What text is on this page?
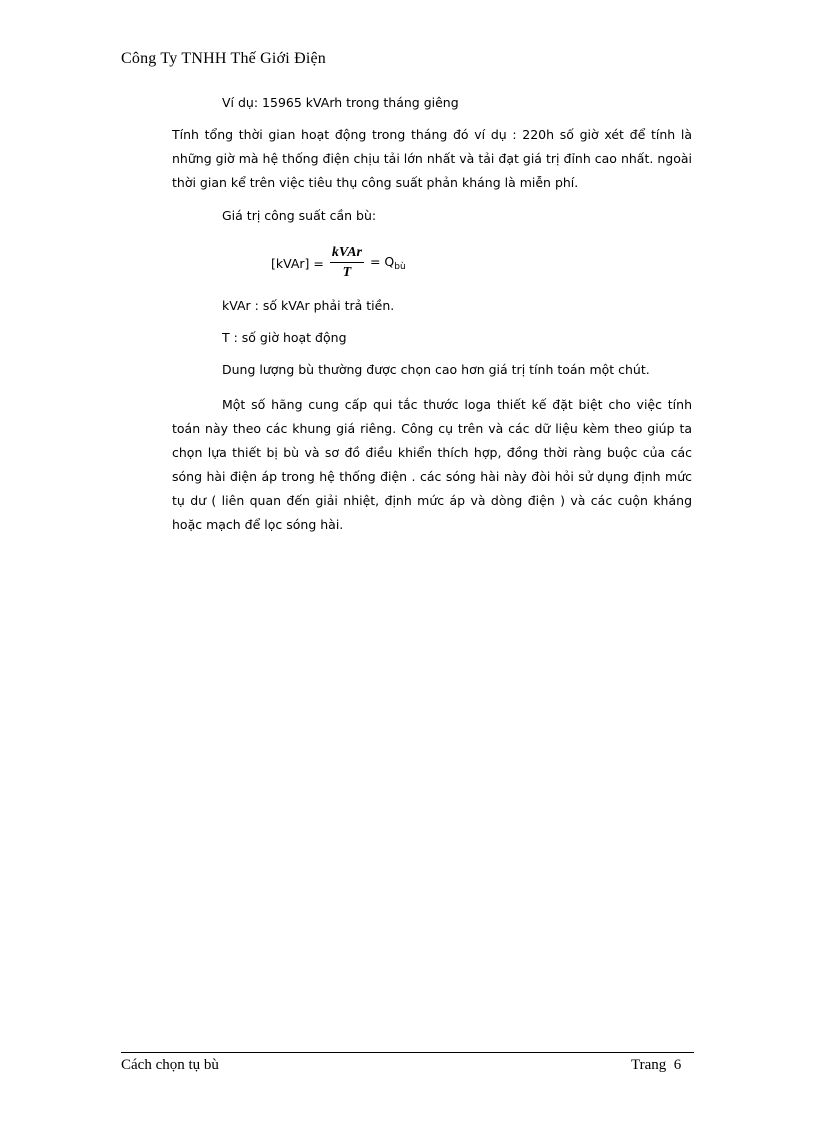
Công Ty TNHH Thế Giới Điện
Ví dụ: 15965 kVArh trong tháng giêng
Tính tổng thời gian hoạt động trong tháng đó ví dụ : 220h số giờ xét để tính là những giờ mà hệ thống điện chịu tải lớn nhất và tải đạt giá trị đỉnh cao nhất. ngoài thời gian kể trên việc tiêu thụ công suất phản kháng là miễn phí.
Giá trị công suất cần bù:
[kVAr] = $\frac{\text{kVAr}}{T} = Q_{bù}$
kVAr : số kVAr phải trả tiền.
T : số giờ hoạt động
Dung lượng bù thường được chọn cao hơn giá trị tính toán một chút.
Một số hãng cung cấp qui tắc thước loga thiết kế đặt biệt cho việc tính toán này theo các khung giá riêng. Công cụ trên và các dữ liệu kèm theo giúp ta chọn lựa thiết bị bù và sơ đồ điều khiển thích hợp, đồng thời ràng buộc của các sóng hài điện áp trong hệ thống điện . các sóng hài này đòi hỏi sử dụng định mức tụ dư ( liên quan đến giải nhiệt, định mức áp và dòng điện ) và các cuộn kháng hoặc mạch để lọc sóng hài.
Cách chọn tụ bù	Trang  6
